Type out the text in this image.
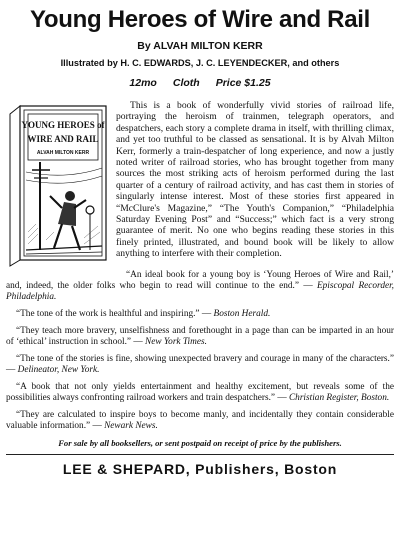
Young Heroes of Wire and Rail
By ALVAH MILTON KERR
Illustrated by H. C. EDWARDS, J. C. LEYENDECKER, and others
12mo Cloth Price $1.25
YOUNG HEROES of
WIRE AND RAIL
ALVAH MILTON KERR

This is a book of wonderfully vivid stories of railroad life, portraying the heroism of trainmen, telegraph operators, and despatchers, each story a complete drama in itself, with thrilling climax, and yet too truthful to be classed as sensational. It is by Alvah Milton Kerr, formerly a train-despatcher of long experience, and now a justly noted writer of railroad stories, who has brought together from many sources the most striking acts of heroism performed during the last quarter of a century of railroad activity, and has cast them in stories of singularly intense interest. Most of these stories first appeared in “McClure's Magazine,” “The Youth's Companion,” “Philadelphia Saturday Evening Post” and “Success;” which fact is a very strong guarantee of merit. No one who begins reading these stories in this finely printed, illustrated, and bound book will be likely to allow anything to interfere with their completion.

“An ideal book for a young boy is ‘Young Heroes of Wire and Rail,’ and, indeed, the older folks who begin to read will continue to the end.” — Episcopal Recorder, Philadelphia.

“The tone of the work is healthful and inspiring.” — Boston Herald.

“They teach more bravery, unselfishness and forethought in a page than can be imparted in an hour of ‘ethical’ instruction in school.” — New York Times.

“The tone of the stories is fine, showing unexpected bravery and courage in many of the characters.” — Delineator, New York.

“A book that not only yields entertainment and healthy excitement, but reveals some of the possibilities always confronting railroad workers and train despatchers.” — Christian Register, Boston.

“They are calculated to inspire boys to become manly, and incidentally they contain considerable valuable information.” — Newark News.

For sale by all booksellers, or sent postpaid on receipt of price by the publishers.
LEE & SHEPARD, Publishers, Boston
